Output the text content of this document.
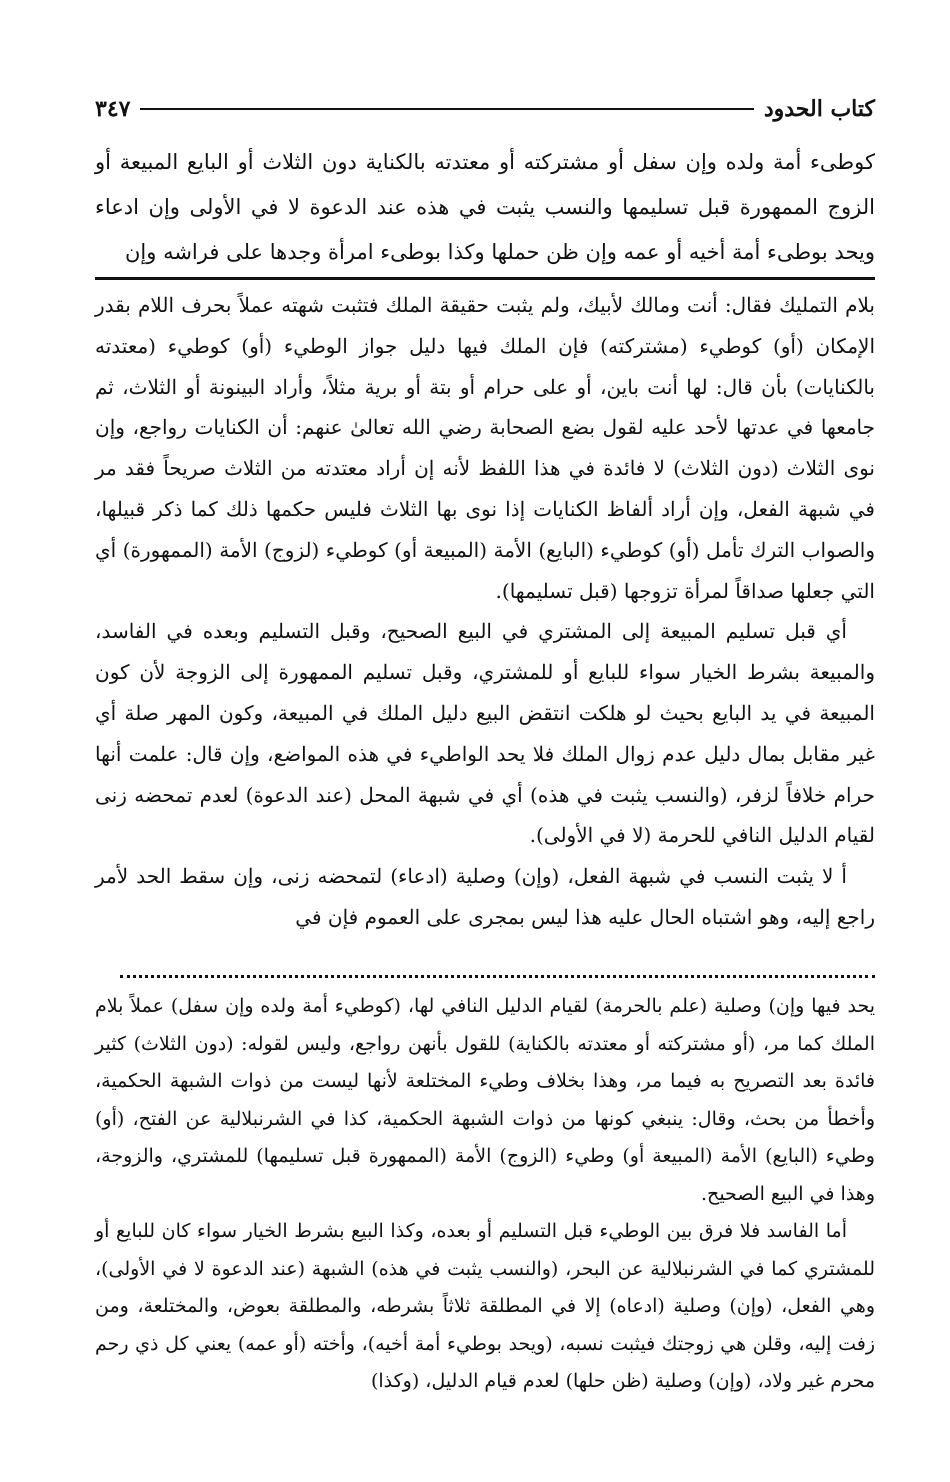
كتاب الحدود
٣٤٧

كوطىء أمة ولده وإن سفل أو مشتركته أو معتدته بالكناية دون الثلاث أو البايع المبيعة أو الزوج الممهورة قبل تسليمها والنسب يثبت في هذه عند الدعوة لا في الأولى وإن ادعاء ويحد بوطىء أمة أخيه أو عمه وإن ظن حملها وكذا بوطىء امرأة وجدها على فراشه وإن

بلام التمليك فقال: أنت ومالك لأبيك، ولم يثبت حقيقة الملك فتثبت شهته عملاً بحرف اللام بقدر الإمكان (أو) كوطيء (مشتركته) فإن الملك فيها دليل جواز الوطيء (أو) كوطيء (معتدته بالكنايات) بأن قال: لها أنت باين، أو على حرام أو بتة أو برية مثلاً، وأراد البينونة أو الثلاث، ثم جامعها في عدتها لأحد عليه لقول بضع الصحابة رضي الله تعالىٰ عنهم: أن الكنايات رواجع، وإن نوى الثلاث (دون الثلاث) لا فائدة في هذا اللفظ لأنه إن أراد معتدته من الثلاث صريحاً فقد مر في شبهة الفعل، وإن أراد ألفاظ الكنايات إذا نوى بها الثلاث فليس حكمها ذلك كما ذكر قبيلها، والصواب الترك تأمل (أو) كوطيء (البايع) الأمة (المبيعة أو) كوطيء (لزوج) الأمة (الممهورة) أي التي جعلها صداقاً لمرأة تزوجها (قبل تسليمها).

أي قبل تسليم المبيعة إلى المشتري في البيع الصحيح، وقبل التسليم وبعده في الفاسد، والمبيعة بشرط الخيار سواء للبايع أو للمشتري، وقبل تسليم الممهورة إلى الزوجة لأن كون المبيعة في يد البايع بحيث لو هلكت انتقض البيع دليل الملك في المبيعة، وكون المهر صلة أي غير مقابل بمال دليل عدم زوال الملك فلا يحد الواطيء في هذه المواضع، وإن قال: علمت أنها حرام خلافاً لزفر، (والنسب يثبت في هذه) أي في شبهة المحل (عند الدعوة) لعدم تمحضه زنى لقيام الدليل النافي للحرمة (لا في الأولى).

أ لا يثبت النسب في شبهة الفعل، (وإن) وصلية (ادعاء) لتمحضه زنى، وإن سقط الحد لأمر راجع إليه، وهو اشتباه الحال عليه هذا ليس بمجرى على العموم فإن في

يحد فيها وإن) وصلية (علم بالحرمة) لقيام الدليل النافي لها، (كوطيء أمة ولده وإن سفل) عملاً بلام الملك كما مر، (أو مشتركته أو معتدته بالكناية) للقول بأنهن رواجع، وليس لقوله: (دون الثلاث) كثير فائدة بعد التصريح به فيما مر، وهذا بخلاف وطيء المختلعة لأنها ليست من ذوات الشبهة الحكمية، وأخطأ من بحث، وقال: ينبغي كونها من ذوات الشبهة الحكمية، كذا في الشرنبلالية عن الفتح، (أو) وطيء (البايع) الأمة (المبيعة أو) وطيء (الزوج) الأمة (الممهورة قبل تسليمها) للمشتري، والزوجة، وهذا في البيع الصحيح.

أما الفاسد فلا فرق بين الوطيء قبل التسليم أو بعده، وكذا البيع بشرط الخيار سواء كان للبايع أو للمشتري كما في الشرنبلالية عن البحر، (والنسب يثبت في هذه) الشبهة (عند الدعوة لا في الأولى)، وهي الفعل، (وإن) وصلية (ادعاه) إلا في المطلقة ثلاثاً بشرطه، والمطلقة بعوض، والمختلعة، ومن زفت إليه، وقلن هي زوجتك فيثبت نسبه، (ويحد بوطيء أمة أخيه)، وأخته (أو عمه) يعني كل ذي رحم محرم غير ولاد، (وإن) وصلية (ظن حلها) لعدم قيام الدليل، (وكذا)
